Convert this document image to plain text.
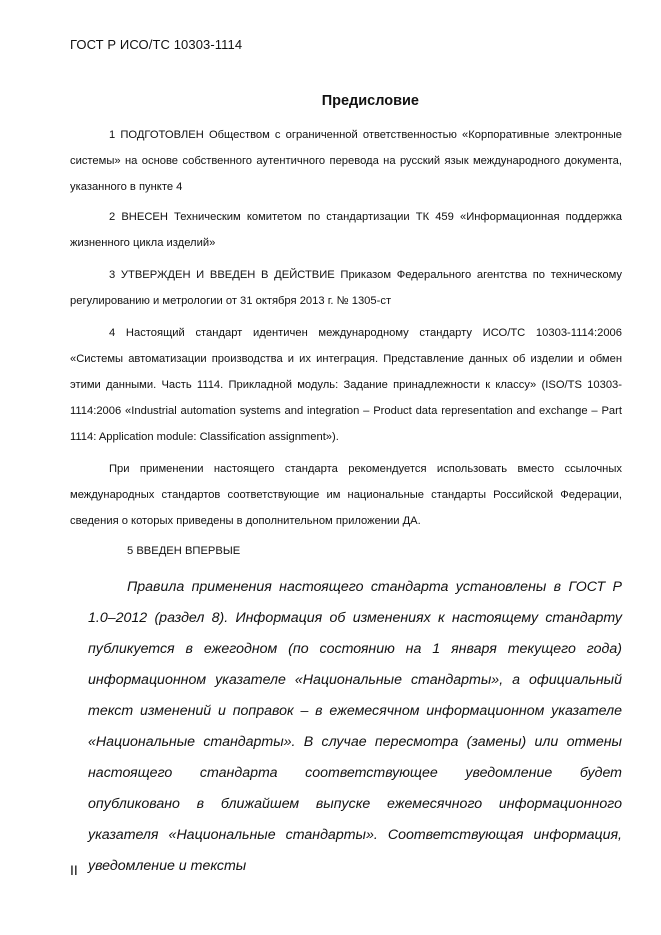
ГОСТ Р ИСО/ТС 10303-1114
Предисловие
1 ПОДГОТОВЛЕН Обществом с ограниченной ответственностью «Корпоративные электронные системы» на основе собственного аутентичного перевода на русский язык международного документа, указанного в пункте 4
2 ВНЕСЕН Техническим комитетом по стандартизации ТК 459 «Информационная поддержка жизненного цикла изделий»
3 УТВЕРЖДЕН И ВВЕДЕН В ДЕЙСТВИЕ Приказом Федерального агентства по техническому регулированию и метрологии от 31 октября 2013 г. № 1305-ст
4 Настоящий стандарт идентичен международному стандарту ИСО/ТС 10303-1114:2006 «Системы автоматизации производства и их интеграция. Представление данных об изделии и обмен этими данными. Часть 1114. Прикладной модуль: Задание принадлежности к классу» (ISO/TS 10303-1114:2006 «Industrial automation systems and integration – Product data representation and exchange – Part 1114: Application module: Classification assignment»).
При применении настоящего стандарта рекомендуется использовать вместо ссылочных международных стандартов соответствующие им национальные стандарты Российской Федерации, сведения о которых приведены в дополнительном приложении ДА.
5 ВВЕДЕН ВПЕРВЫЕ
Правила применения настоящего стандарта установлены в ГОСТ Р 1.0–2012 (раздел 8). Информация об изменениях к настоящему стандарту публикуется в ежегодном (по состоянию на 1 января текущего года) информационном указателе «Национальные стандарты», а официальный текст изменений и поправок – в ежемесячном информационном указателе «Национальные стандарты». В случае пересмотра (замены) или отмены настоящего стандарта соответствующее уведомление будет опубликовано в ближайшем выпуске ежемесячного информационного указателя «Национальные стандарты». Соответствующая информация, уведомление и тексты
II
